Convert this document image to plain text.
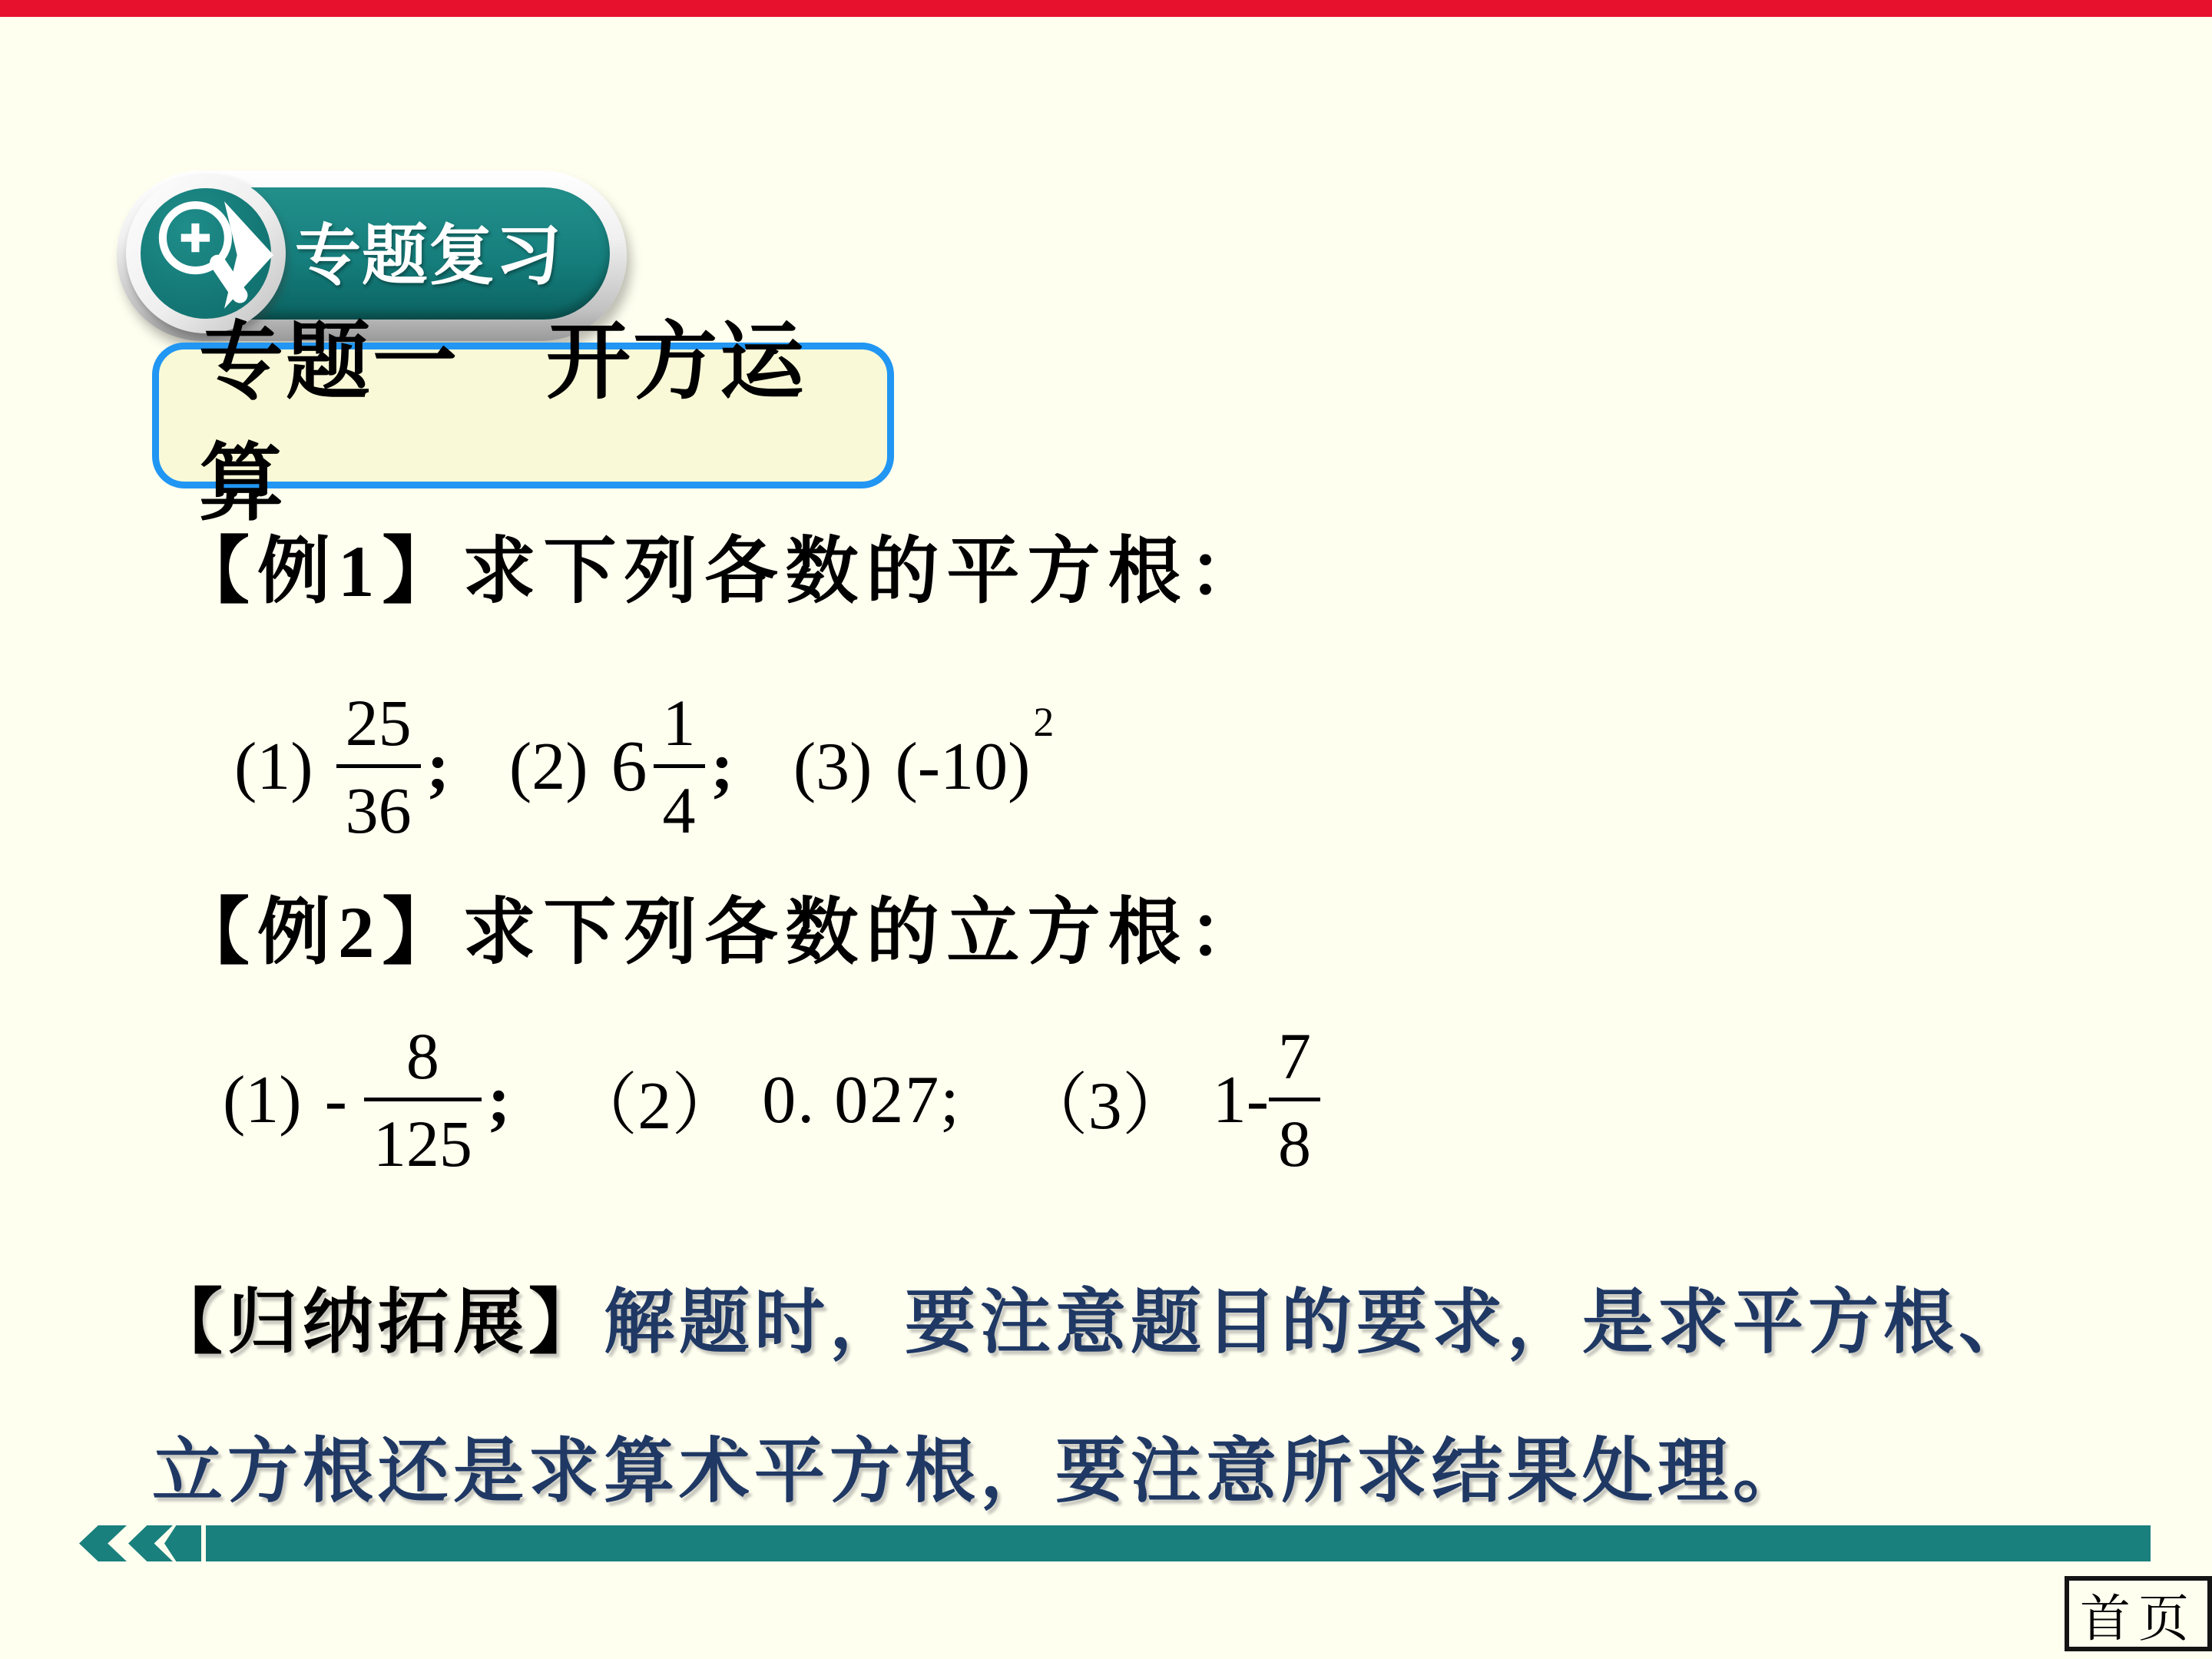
专题复习
专题一　开方运算
【例1】求下列各数的平方根：
$(1) \frac{25}{36}$ ; (2) $6 \frac{1}{4}$ ; (3) (-10)
2
【例2】求下列各数的立方根：
$(1) - \frac{8}{125}$ ; （2） 0. 027; （3） $1 - \frac{7}{8}$
【归纳拓展】解题时，要注意题目的要求，是求平方根、
立方根还是求算术平方根，要注意所求结果处理。
首页
